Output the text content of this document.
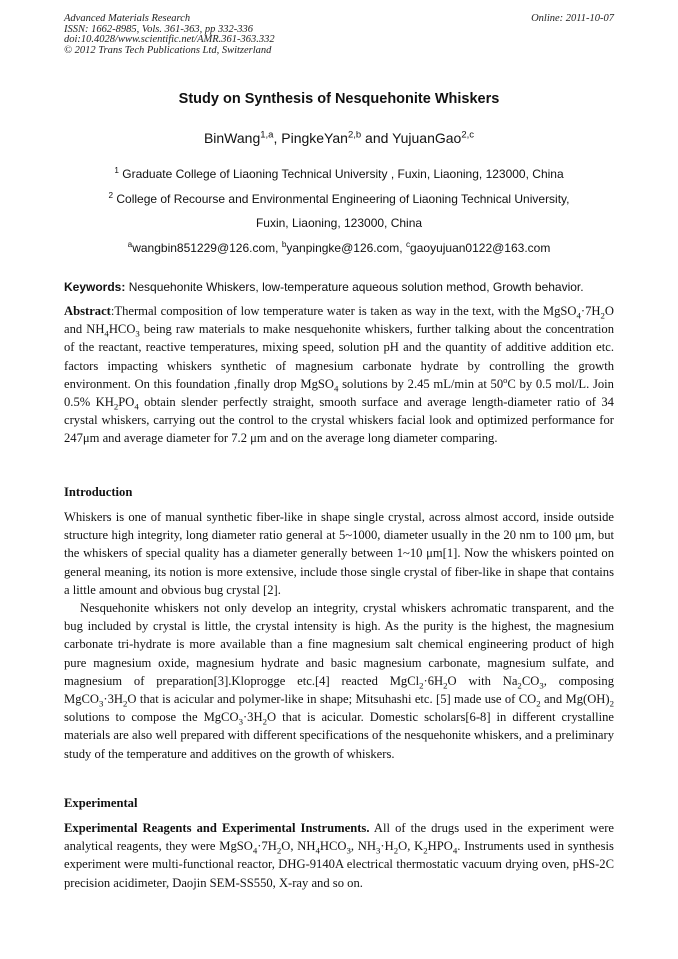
Advanced Materials Research
ISSN: 1662-8985, Vols. 361-363, pp 332-336
doi:10.4028/www.scientific.net/AMR.361-363.332
© 2012 Trans Tech Publications Ltd, Switzerland
Online: 2011-10-07
Study on Synthesis of Nesquehonite Whiskers
BinWang$^{1,a}$, PingkeYan$^{2,b}$ and YujuanGao$^{2,c}$
$^1$ Graduate College of Liaoning Technical University , Fuxin, Liaoning, 123000, China
$^2$ College of Recourse and Environmental Engineering of Liaoning Technical University,
Fuxin, Liaoning, 123000, China
$^a$wangbin851229@126.com, $^b$yanpingke@126.com, $^c$gaoyujuan0122@163.com
Keywords: Nesquehonite Whiskers, low-temperature aqueous solution method, Growth behavior.

Abstract:Thermal composition of low temperature water is taken as way in the text, with the $MgSO_4\cdot 7H_2O$ and $NH_4HCO_3$ being raw materials to make nesquehonite whiskers, further talking about the concentration of the reactant, reactive temperatures, mixing speed, solution pH and the quantity of additive addition etc. factors impacting whiskers synthetic of magnesium carbonate hydrate by controlling the growth environment. On this foundation ,finally drop MgSO$_4$ solutions by 2.45 mL/min at 50$^o$C by 0.5 mol/L. Join 0.5% $KH_2PO_4$ obtain slender perfectly straight, smooth surface and average length-diameter ratio of 34 crystal whiskers, carrying out the control to the crystal whiskers facial look and optimized performance for 247μm and average diameter for 7.2 μm and on the average long diameter comparing.

Introduction

Whiskers is one of manual synthetic fiber-like in shape single crystal, across almost accord, inside outside structure high integrity, long diameter ratio general at 5~1000, diameter usually in the 20 nm to 100 μm, but the whiskers of special quality has a diameter generally between 1~10 μm[1]. Now the whiskers pointed on general meaning, its notion is more extensive, include those single crystal of fiber-like in shape that contains a little amount and obvious bug crystal [2].

Nesquehonite whiskers not only develop an integrity, crystal whiskers achromatic transparent, and the bug included by crystal is little, the crystal intensity is high. As the purity is the highest, the magnesium carbonate tri-hydrate is more available than a fine magnesium salt chemical engineering product of high pure magnesium oxide, magnesium hydrate and basic magnesium carbonate, magnesium sulfate, and magnesium of preparation[3].Kloprogge etc.[4] reacted $MgCl_2\cdot 6H_2O$ with $Na_2CO_3$, composing $MgCO_3\cdot 3H_2O$ that is acicular and polymer-like in shape; Mitsuhashi etc. [5] made use of $CO_2$ and $Mg(OH)_2$ solutions to compose the $MgCO_3\cdot 3H_2O$ that is acicular. Domestic scholars[6-8] in different crystalline materials are also well prepared with different specifications of the nesquehonite whiskers, and a preliminary study of the temperature and additives on the growth of whiskers.

Experimental

Experimental Reagents and Experimental Instruments. All of the drugs used in the experiment were analytical reagents, they were $MgSO_4\cdot 7H_2O$, $NH_4HCO_3$, $NH_3\cdot H_2O$, $K_2HPO_4$. Instruments used in synthesis experiment were multi-functional reactor, DHG-9140A electrical thermostatic vacuum drying oven, pHS-2C precision acidimeter, Daojin SEM-SS550, X-ray and so on.
